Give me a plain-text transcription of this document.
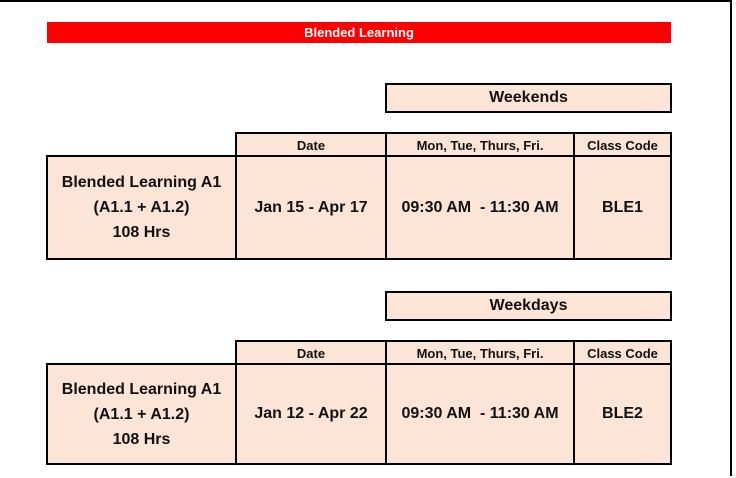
Blended Learning
Weekends
Date	Mon, Tue, Thurs, Fri.	Class Code
Blended Learning A1
(A1.1 + A1.2)
108 Hrs
Jan 15 - Apr 17	09:30 AM  - 11:30 AM	BLE1
Weekdays
Date	Mon, Tue, Thurs, Fri.	Class Code
Blended Learning A1
(A1.1 + A1.2)
108 Hrs
Jan 12 - Apr 22	09:30 AM  - 11:30 AM	BLE2
